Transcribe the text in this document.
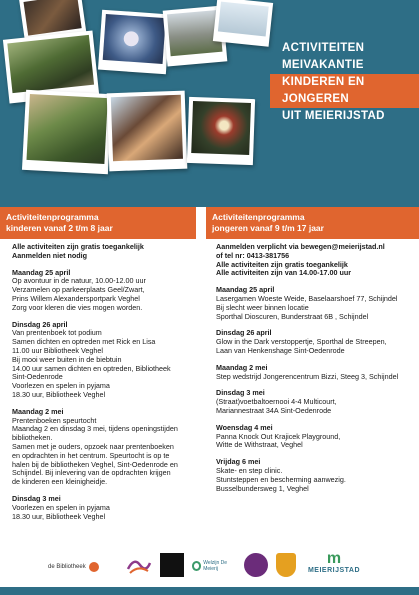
ACTIVITEITEN
MEIVAKANTIE
KINDEREN EN
JONGEREN
UIT MEIERIJSTAD
Activiteitenprogramma
kinderen vanaf 2 t/m 8 jaar
Activiteitenprogramma
jongeren vanaf 9 t/m 17 jaar
Alle activiteiten zijn gratis toegankelijk
Aanmelden niet nodig
Maandag 25 april
Op avontuur in de natuur, 10.00-12.00 uur
Verzamelen op parkeerplaats Geel/Zwart,
Prins Willem Alexandersportpark Veghel
Zorg voor kleren die vies mogen worden.
Dinsdag 26 april
Van prentenboek tot podium
Samen dichten en optreden met Rick en Lisa
11.00 uur Bibliotheek Veghel
Bij mooi weer buiten in de biebtuin
14.00 uur samen dichten en optreden, Bibliotheek
Sint-Oedenrode
Voorlezen en spelen in pyjama
18.30 uur, Bibliotheek Veghel
Maandag 2 mei
Prentenboeken speurtocht
Maandag 2 en dinsdag 3 mei, tijdens openingstijden
bibliotheken.
Samen met je ouders, opzoek naar prentenboeken
en opdrachten in het centrum. Speurtocht is op te
halen bij de bibliotheken Veghel, Sint-Oedenrode en
Schijndel. Bij inlevering van de opdrachten krijgen
de kinderen een kleinigheidje.
Dinsdag 3 mei
Voorlezen en spelen in pyjama
18.30 uur, Bibliotheek Veghel
Aanmelden verplicht via bewegen@meierijstad.nl
of tel nr: 0413-381756
Alle activiteiten zijn gratis toegankelijk
Alle activiteiten zijn van 14.00-17.00 uur
Maandag 25 april
Lasergamen Woeste Weide, Baselaarshoef 77, Schijndel
Bij slecht weer binnen locatie
Sporthal Dioscuren, Bunderstraat 6B , Schijndel
Dinsdag 26 april
Glow in the Dark verstoppertje, Sporthal de Streepen,
Laan van Henkenshage Sint-Oedenrode
Maandag 2 mei
Step wedstrijd Jongerencentrum Bizzi, Steeg 3, Schijndel
Dinsdag 3 mei
(Straat)voetbaltoernooi 4-4 Multicourt,
Mariannestraat 34A Sint-Oedenrode
Woensdag 4 mei
Panna Knock Out Krajicek Playground,
Witte de Withstraat, Veghel
Vrijdag 6 mei
Skate- en step clinic.
Stuntsteppen en bescherming aanwezig.
Busselbundersweg 1, Veghel
de Bibliotheek
Welzijn De Meierij
m
MEIERIJSTAD
